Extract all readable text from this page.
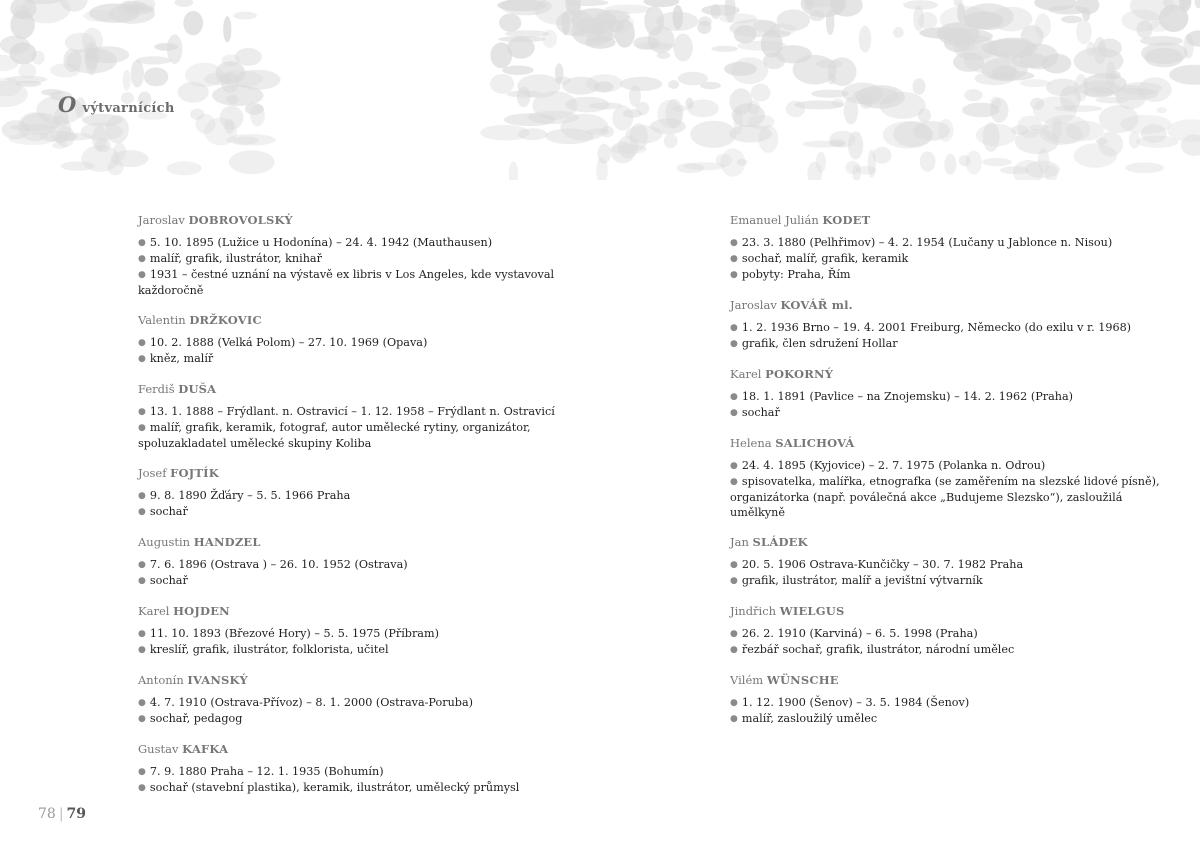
O výtvarnících
Jaroslav DOBROVOLSKÝ
● 5. 10. 1895 (Lužice u Hodonína) – 24. 4. 1942 (Mauthausen)
● malíř, grafik, ilustrátor, knihař
● 1931 – čestné uznání na výstavě ex libris v Los Angeles, kde vystavoval každoročně
Valentin DRŽKOVIC
● 10. 2. 1888 (Velká Polom) – 27. 10. 1969 (Opava)
● kněz, malíř
Ferdiš DUŠA
● 13. 1. 1888 – Frýdlant. n. Ostravicí – 1. 12. 1958 – Frýdlant n. Ostravicí
● malíř, grafik, keramik, fotograf, autor umělecké rytiny, organizátor, spoluzakladatel umělecké skupiny Koliba
Josef FOJTÍK
● 9. 8. 1890 Žďáry – 5. 5. 1966 Praha
● sochař
Augustin HANDZEL
● 7. 6. 1896 (Ostrava ) – 26. 10. 1952 (Ostrava)
● sochař
Karel HOJDEN
● 11. 10. 1893 (Březové Hory) – 5. 5. 1975 (Příbram)
● kreslíř, grafik, ilustrátor, folklorista, učitel
Antonín IVANSKÝ
● 4. 7. 1910 (Ostrava-Přívoz) – 8. 1. 2000 (Ostrava-Poruba)
● sochař, pedagog
Gustav KAFKA
● 7. 9. 1880 Praha – 12. 1. 1935 (Bohumín)
● sochař (stavební plastika), keramik, ilustrátor, umělecký průmysl
Emanuel Julián KODET
● 23. 3. 1880 (Pelhřimov) – 4. 2. 1954 (Lučany u Jablonce n. Nisou)
● sochař, malíř, grafik, keramik
● pobyty: Praha, Řím
Jaroslav KOVÁŘ ml.
● 1. 2. 1936 Brno – 19. 4. 2001 Freiburg, Německo (do exilu v r. 1968)
● grafik, člen sdružení Hollar
Karel POKORNÝ
● 18. 1. 1891 (Pavlice – na Znojemsku) – 14. 2. 1962 (Praha)
● sochař
Helena SALICHOVÁ
● 24. 4. 1895 (Kyjovice) – 2. 7. 1975 (Polanka n. Odrou)
● spisovatelka, malířka, etnografka (se zaměřením na slezské lidové písně), organizátorka (např. poválečná akce „Budujeme Slezsko“), zasloužilá umělkyně
Jan SLÁDEK
● 20. 5. 1906 Ostrava-Kunčičky – 30. 7. 1982 Praha
● grafik, ilustrátor, malíř a jevištní výtvarník
Jindřich WIELGUS
● 26. 2. 1910 (Karviná) – 6. 5. 1998 (Praha)
● řezbář sochař, grafik, ilustrátor, národní umělec
Vilém WÜNSCHE
● 1. 12. 1900 (Šenov) – 3. 5. 1984 (Šenov)
● malíř, zasloužilý umělec
78 | 79
